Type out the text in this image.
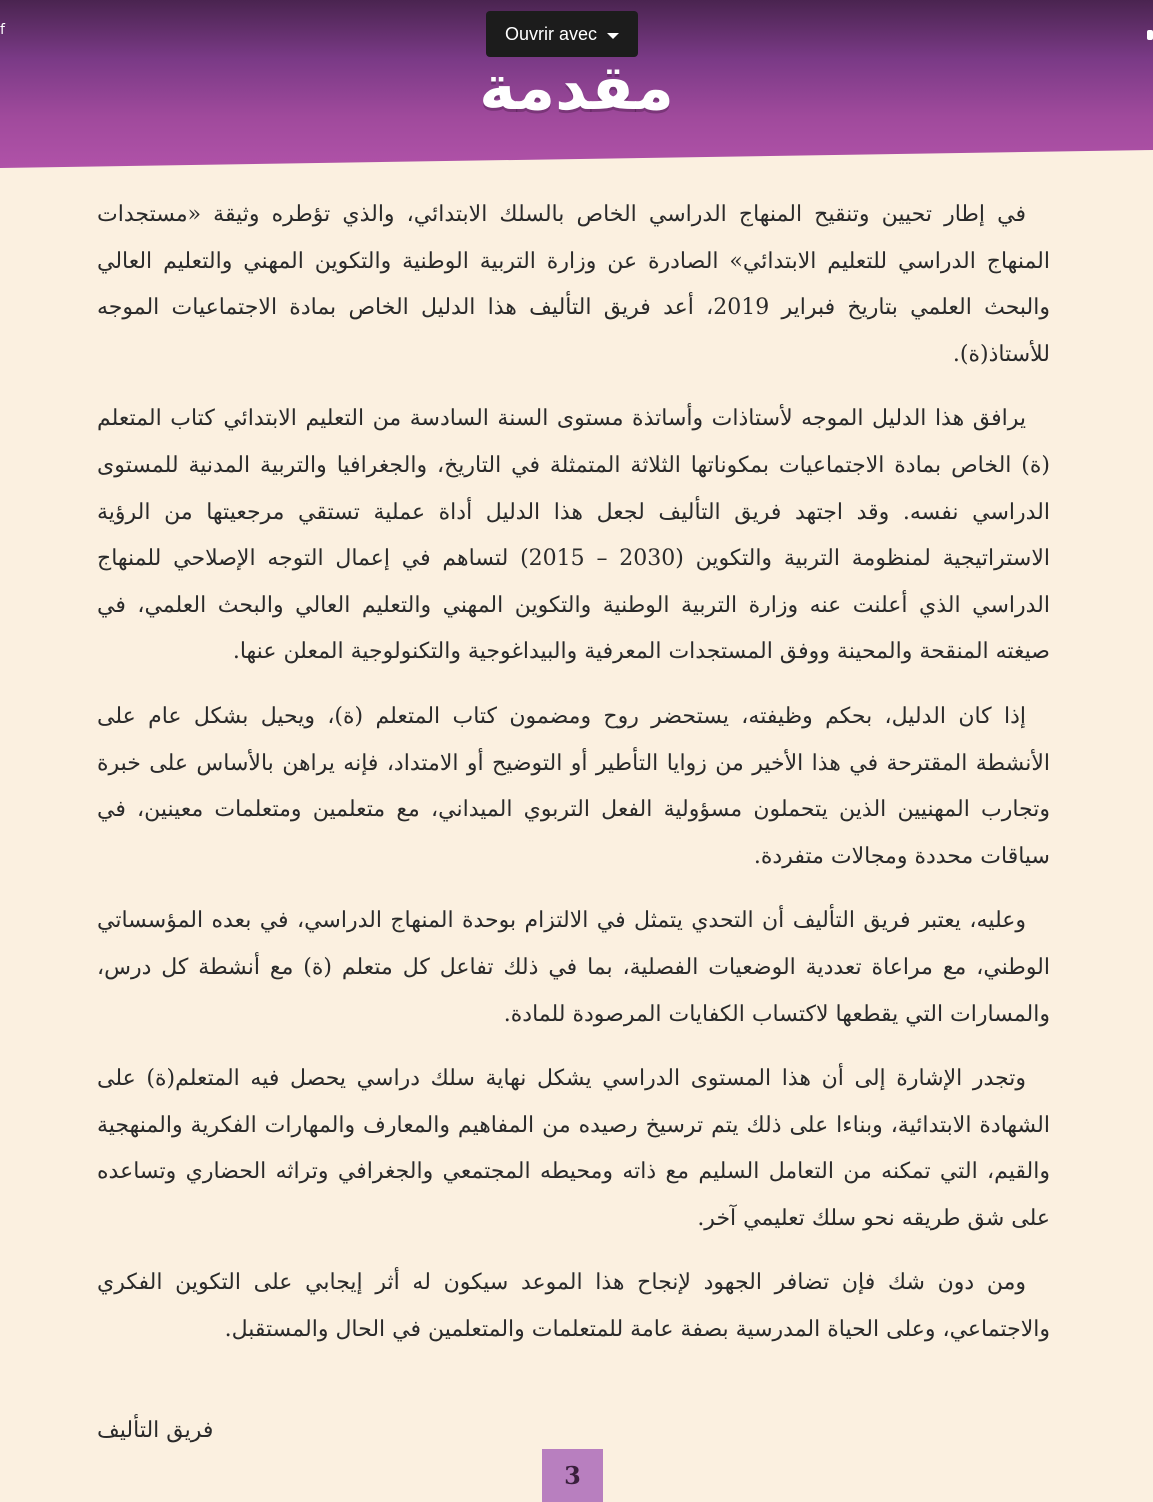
f	Ouvrir avec
مقدمة

في إطار تحيين وتنقيح المنهاج الدراسي الخاص بالسلك الابتدائي، والذي تؤطره وثيقة «مستجدات المنهاج الدراسي للتعليم الابتدائي» الصادرة عن وزارة التربية الوطنية والتكوين المهني والتعليم العالي والبحث العلمي بتاريخ فبراير 2019، أعد فريق التأليف هذا الدليل الخاص بمادة الاجتماعيات الموجه للأستاذ(ة).

يرافق هذا الدليل الموجه لأستاذات وأساتذة مستوى السنة السادسة من التعليم الابتدائي كتاب المتعلم (ة) الخاص بمادة الاجتماعيات بمكوناتها الثلاثة المتمثلة في التاريخ، والجغرافيا والتربية المدنية للمستوى الدراسي نفسه. وقد اجتهد فريق التأليف لجعل هذا الدليل أداة عملية تستقي مرجعيتها من الرؤية الاستراتيجية لمنظومة التربية والتكوين (2030 – 2015) لتساهم في إعمال التوجه الإصلاحي للمنهاج الدراسي الذي أعلنت عنه وزارة التربية الوطنية والتكوين المهني والتعليم العالي والبحث العلمي، في صيغته المنقحة والمحينة ووفق المستجدات المعرفية والبيداغوجية والتكنولوجية المعلن عنها.

إذا كان الدليل، بحكم وظيفته، يستحضر روح ومضمون كتاب المتعلم (ة)، ويحيل بشكل عام على الأنشطة المقترحة في هذا الأخير من زوايا التأطير أو التوضيح أو الامتداد، فإنه يراهن بالأساس على خبرة وتجارب المهنيين الذين يتحملون مسؤولية الفعل التربوي الميداني، مع متعلمين ومتعلمات معينين، في سياقات محددة ومجالات متفردة.

وعليه، يعتبر فريق التأليف أن التحدي يتمثل في الالتزام بوحدة المنهاج الدراسي، في بعده المؤسساتي الوطني، مع مراعاة تعددية الوضعيات الفصلية، بما في ذلك تفاعل كل متعلم (ة) مع أنشطة كل درس، والمسارات التي يقطعها لاكتساب الكفايات المرصودة للمادة.

وتجدر الإشارة إلى أن هذا المستوى الدراسي يشكل نهاية سلك دراسي يحصل فيه المتعلم(ة) على الشهادة الابتدائية، وبناءا على ذلك يتم ترسيخ رصيده من المفاهيم والمعارف والمهارات الفكرية والمنهجية والقيم، التي تمكنه من التعامل السليم مع ذاته ومحيطه المجتمعي والجغرافي وتراثه الحضاري وتساعده على شق طريقه نحو سلك تعليمي آخر.

ومن دون شك فإن تضافر الجهود لإنجاح هذا الموعد سيكون له أثر إيجابي على التكوين الفكري والاجتماعي، وعلى الحياة المدرسية بصفة عامة للمتعلمات والمتعلمين في الحال والمستقبل.

فريق التأليف
3
